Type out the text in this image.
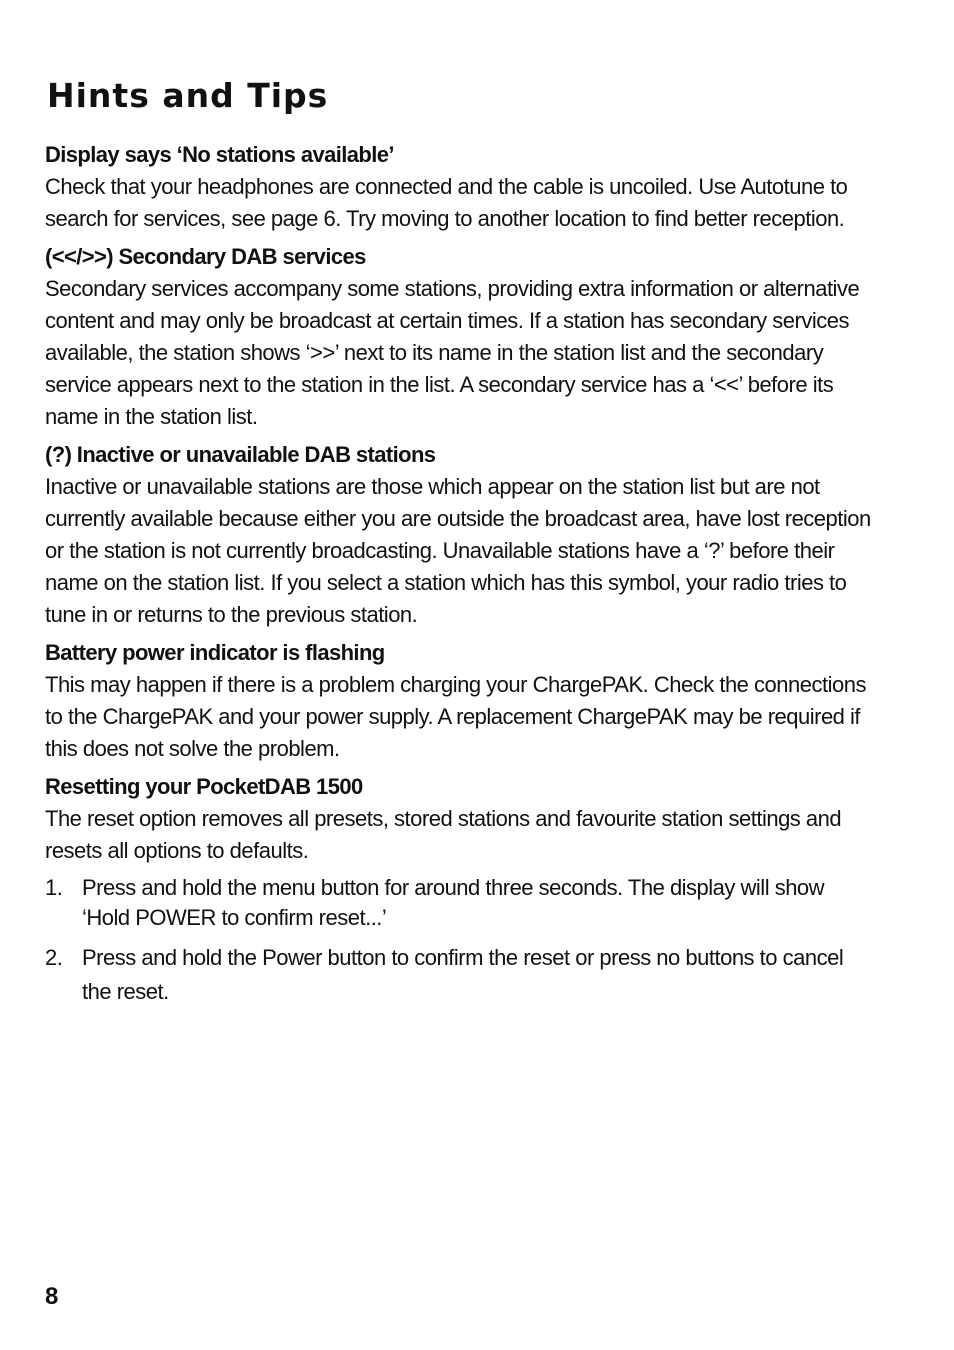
Hints and Tips

Display says ‘No stations available’

Check that your headphones are connected and the cable is uncoiled. Use Autotune to search for services, see page 6. Try moving to another location to find better reception.

(<</>>) Secondary DAB services

Secondary services accompany some stations, providing extra information or alternative content and may only be broadcast at certain times. If a station has secondary services available, the station shows ‘>>’ next to its name in the station list and the secondary service appears next to the station in the list. A secondary service has a ‘<<’ before its name in the station list.

(?) Inactive or unavailable DAB stations

Inactive or unavailable stations are those which appear on the station list but are not currently available because either you are outside the broadcast area, have lost reception or the station is not currently broadcasting. Unavailable stations have a ‘?’ before their name on the station list. If you select a station which has this symbol, your radio tries to tune in or returns to the previous station.

Battery power indicator is flashing

This may happen if there is a problem charging your ChargePAK. Check the connections to the ChargePAK and your power supply. A replacement ChargePAK may be required if this does not solve the problem.

Resetting your PocketDAB 1500

The reset option removes all presets, stored stations and favourite station settings and resets all options to defaults.

1. Press and hold the menu button for around three seconds. The display will show ‘Hold POWER to confirm reset...’
2. Press and hold the Power button to confirm the reset or press no buttons to cancel the reset.
8
